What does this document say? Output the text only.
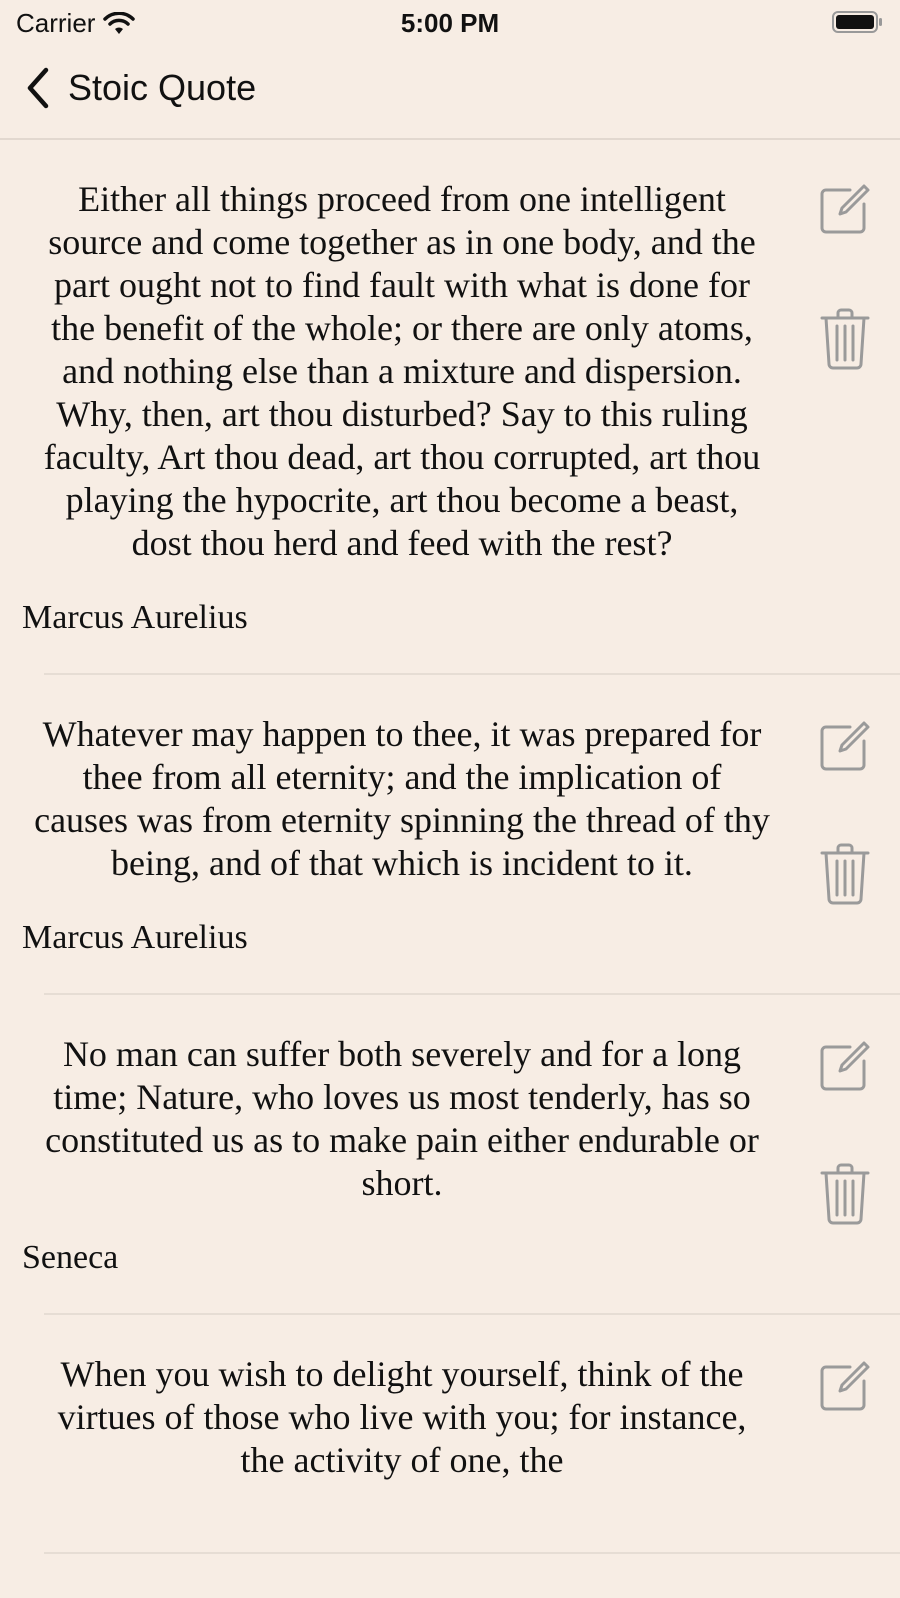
Carrier	5:00 PM
Stoic Quote
Either all things proceed from one intelligent source and come together as in one body, and the part ought not to find fault with what is done for the benefit of the whole; or there are only atoms, and nothing else than a mixture and dispersion. Why, then, art thou disturbed? Say to this ruling faculty, Art thou dead, art thou corrupted, art thou playing the hypocrite, art thou become a beast, dost thou herd and feed with the rest?
Marcus Aurelius
Whatever may happen to thee, it was prepared for thee from all eternity; and the implication of causes was from eternity spinning the thread of thy being, and of that which is incident to it.
Marcus Aurelius
No man can suffer both severely and for a long time; Nature, who loves us most tenderly, has so constituted us as to make pain either endurable or short.
Seneca
When you wish to delight yourself, think of the virtues of those who live with you; for instance, the activity of one, the
